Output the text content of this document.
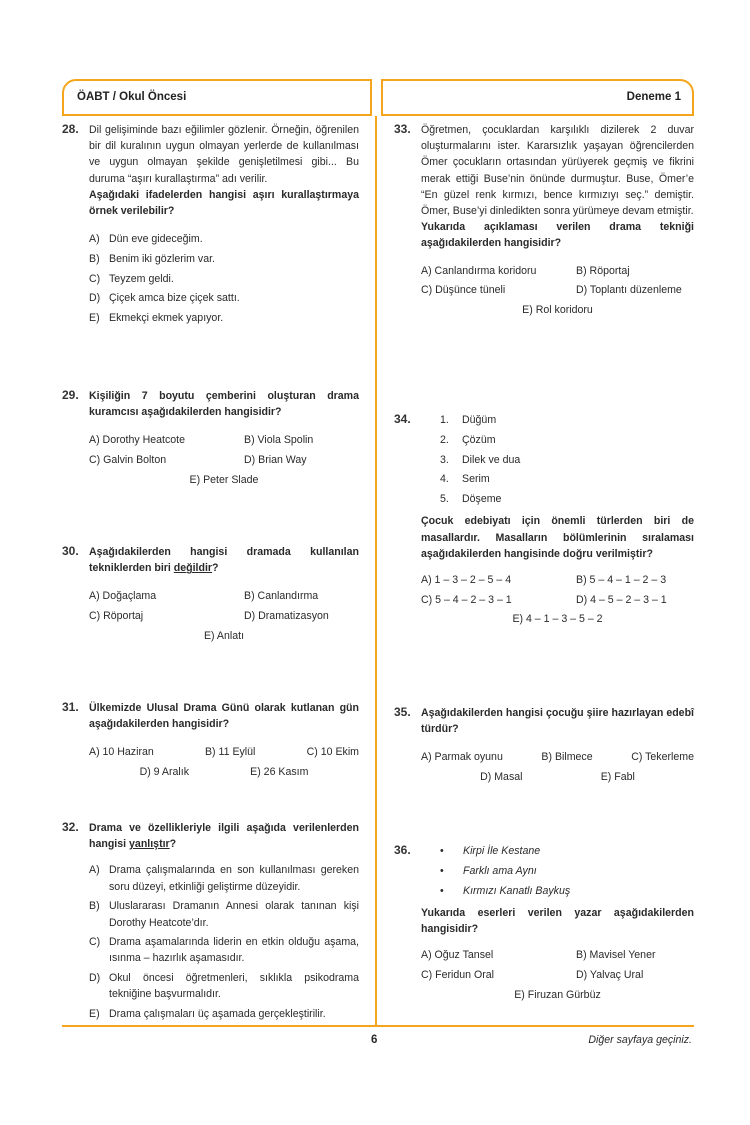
ÖABT / Okul Öncesi	Deneme 1
28. Dil gelişiminde bazı eğilimler gözlenir. Örneğin, öğrenilen bir dil kuralının uygun olmayan yerlerde de kullanılması ve uygun olmayan şekilde genişletilmesi gibi... Bu duruma “aşırı kurallaştırma” adı verilir.

Aşağıdaki ifadelerden hangisi aşırı kurallaştırmaya örnek verilebilir?

A) Dün eve gideceğim.
B) Benim iki gözlerim var.
C) Teyzem geldi.
D) Çiçek amca bize çiçek sattı.
E) Ekmekçi ekmek yapıyor.
29. Kişiliğin 7 boyutu çemberini oluşturan drama kuramcısı aşağıdakilerden hangisidir?

A) Dorothy Heatcote	B) Viola Spolin
C) Galvin Bolton	D) Brian Way
E) Peter Slade
30. Aşağıdakilerden hangisi dramada kullanılan tekniklerden biri değildir?

A) Doğaçlama	B) Canlandırma
C) Röportaj	D) Dramatizasyon
E) Anlatı
31. Ülkemizde Ulusal Drama Günü olarak kutlanan gün aşağıdakilerden hangisidir?

A) 10 Haziran	B) 11 Eylül	C) 10 Ekim
D) 9 Aralık	E) 26 Kasım
32. Drama ve özellikleriyle ilgili aşağıda verilenlerden hangisi yanlıştır?

A) Drama çalışmalarında en son kullanılması gereken soru düzeyi, etkinliği geliştirme düzeyidir.
B) Uluslararası Dramanın Annesi olarak tanınan kişi Dorothy Heatcote’dır.
C) Drama aşamalarında liderin en etkin olduğu aşama, ısınma – hazırlık aşamasıdır.
D) Okul öncesi öğretmenleri, sıklıkla psikodrama tekniğine başvurmalıdır.
E) Drama çalışmaları üç aşamada gerçekleştirilir.
33. Öğretmen, çocuklardan karşılıklı dizilerek 2 duvar oluşturmalarını ister. Kararsızlık yaşayan öğrencilerden Ömer çocukların ortasından yürüyerek geçmiş ve fikrini merak ettiği Buse’nin önünde durmuştur. Buse, Ömer’e “En güzel renk kırmızı, bence kırmızıyı seç.” demiştir. Ömer, Buse’yi dinledikten sonra yürümeye devam etmiştir.

Yukarıda açıklaması verilen drama tekniği aşağıdakilerden hangisidir?

A) Canlandırma koridoru	B) Röportaj
C) Düşünce tüneli	D) Toplantı düzenleme
E) Rol koridoru
34.	1.	Düğüm
2.	Çözüm
3.	Dilek ve dua
4.	Serim
5.	Döşeme

Çocuk edebiyatı için önemli türlerden biri de masallardır. Masalların bölümlerinin sıralaması aşağıdakilerden hangisinde doğru verilmiştir?

A) 1 – 3 – 2 – 5 – 4	B) 5 – 4 – 1 – 2 – 3
C) 5 – 4 – 2 – 3 – 1	D) 4 – 5 – 2 – 3 – 1
E) 4 – 1 – 3 – 5 – 2
35. Aşağıdakilerden hangisi çocuğu şiire hazırlayan edebî türdür?

A) Parmak oyunu	B) Bilmece	C) Tekerleme
D) Masal	E) Fabl
36.	•	Kirpi İle Kestane
•	Farklı ama Aynı
•	Kırmızı Kanatlı Baykuş

Yukarıda eserleri verilen yazar aşağıdakilerden hangisidir?

A) Oğuz Tansel	B) Mavisel Yener
C) Feridun Oral	D) Yalvaç Ural
E) Firuzan Gürbüz
6	Diğer sayfaya geçiniz.
